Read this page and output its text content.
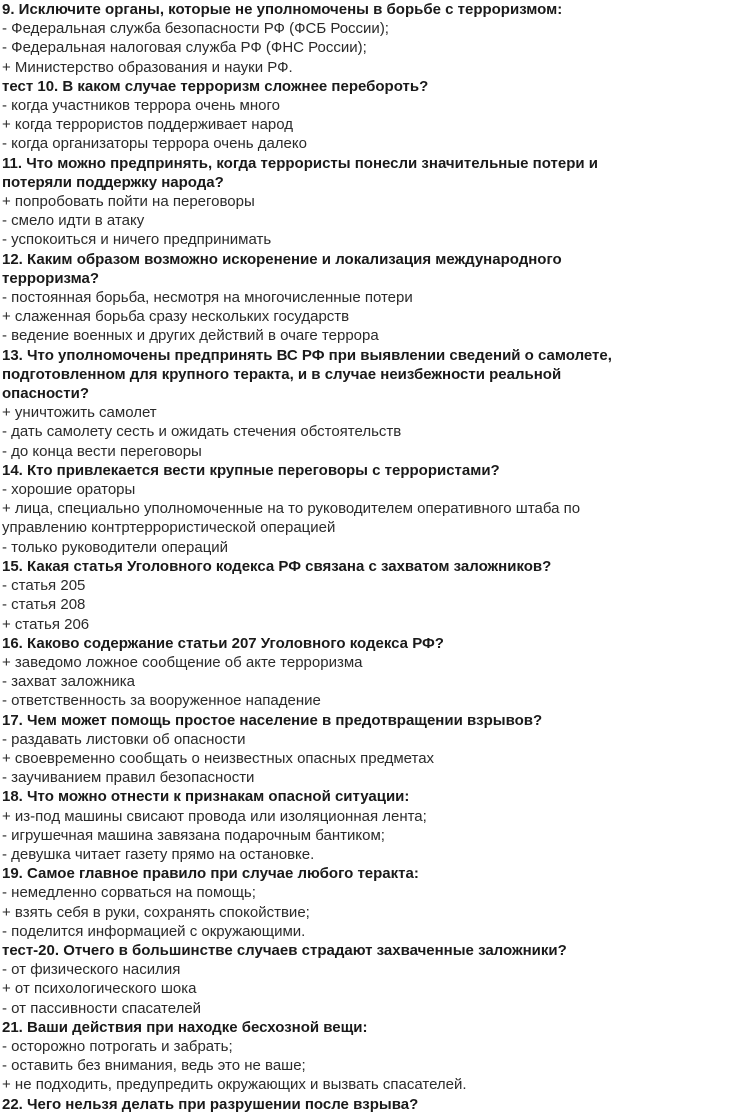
9. Исключите органы, которые не уполномочены в борьбе с терроризмом:
- Федеральная служба безопасности РФ (ФСБ России);
- Федеральная налоговая служба РФ (ФНС России);
+ Министерство образования и науки РФ.
тест 10. В каком случае терроризм сложнее перебороть?
- когда участников террора очень много
+ когда террористов поддерживает народ
- когда организаторы террора очень далеко
11. Что можно предпринять, когда террористы понесли значительные потери и
потеряли поддержку народа?
+ попробовать пойти на переговоры
- смело идти в атаку
- успокоиться и ничего предпринимать
12. Каким образом возможно искоренение и локализация международного
терроризма?
- постоянная борьба, несмотря на многочисленные потери
+ слаженная борьба сразу нескольких государств
- ведение военных и других действий в очаге террора
13. Что уполномочены предпринять ВС РФ при выявлении сведений о самолете,
подготовленном для крупного теракта, и в случае неизбежности реальной
опасности?
+ уничтожить самолет
- дать самолету сесть и ожидать стечения обстоятельств
- до конца вести переговоры
14. Кто привлекается вести крупные переговоры с террористами?
- хорошие ораторы
+ лица, специально уполномоченные на то руководителем оперативного штаба по
управлению контртеррористической операцией
- только руководители операций
15. Какая статья Уголовного кодекса РФ связана с захватом заложников?
- статья 205
- статья 208
+ статья 206
16. Каково содержание статьи 207 Уголовного кодекса РФ?
+ заведомо ложное сообщение об акте терроризма
- захват заложника
- ответственность за вооруженное нападение
17. Чем может помощь простое население в предотвращении взрывов?
- раздавать листовки об опасности
+ своевременно сообщать о неизвестных опасных предметах
- заучиванием правил безопасности
18. Что можно отнести к признакам опасной ситуации:
+ из-под машины свисают провода или изоляционная лента;
- игрушечная машина завязана подарочным бантиком;
- девушка читает газету прямо на остановке.
19. Самое главное правило при случае любого теракта:
- немедленно сорваться на помощь;
+ взять себя в руки, сохранять спокойствие;
- поделится информацией с окружающими.
тест-20. Отчего в большинстве случаев страдают захваченные заложники?
- от физического насилия
+ от психологического шока
- от пассивности спасателей
21. Ваши действия при находке бесхозной вещи:
- осторожно потрогать и забрать;
- оставить без внимания, ведь это не ваше;
+ не подходить, предупредить окружающих и вызвать спасателей.
22. Чего нельзя делать при разрушении после взрыва?
